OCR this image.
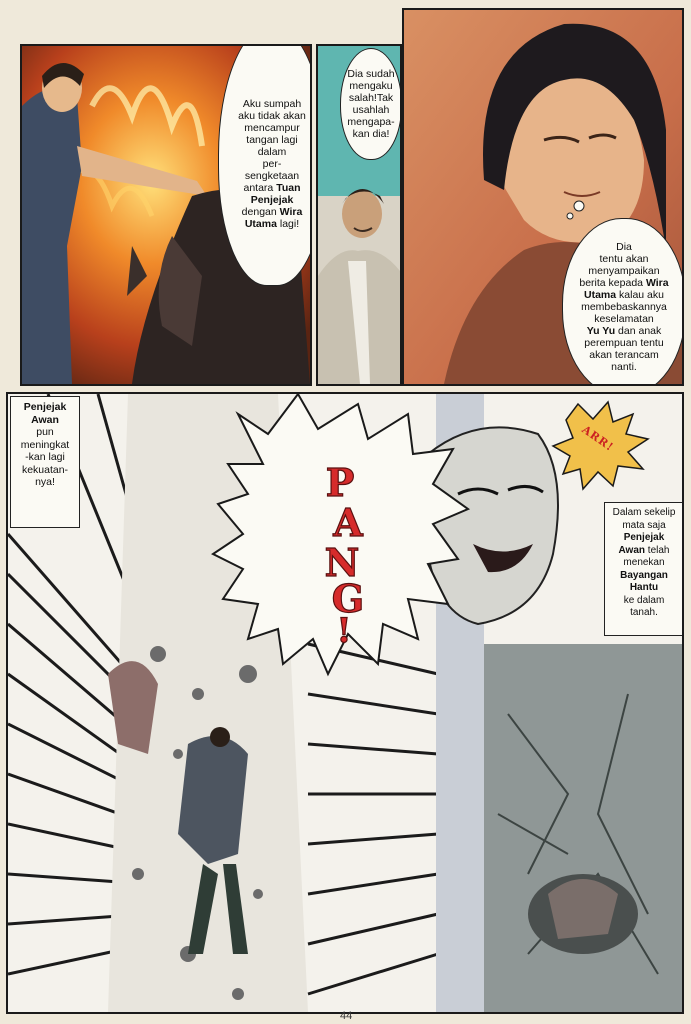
Aku sumpah
aku tidak akan
mencampur
tangan lagi
dalam
per-
sengketaan
antara Tuan
Penjejak
dengan Wira
Utama lagi!
Dia sudah
mengaku
salah!Tak
usahlah
mengapa-
kan dia!
Dia
tentu akan
menyampaikan
berita kepada Wira
Utama kalau aku
membebaskannya
keselamatan
Yu Yu dan anak
perempuan tentu
akan terancam
nanti.
P
A
N
G
!
ARR!
Penjejak
Awan
pun
meningkat
-kan lagi
kekuatan-
nya!
Dalam sekelip
mata saja
Penjejak
Awan telah
menekan
Bayangan
Hantu
ke dalam
tanah.
44
